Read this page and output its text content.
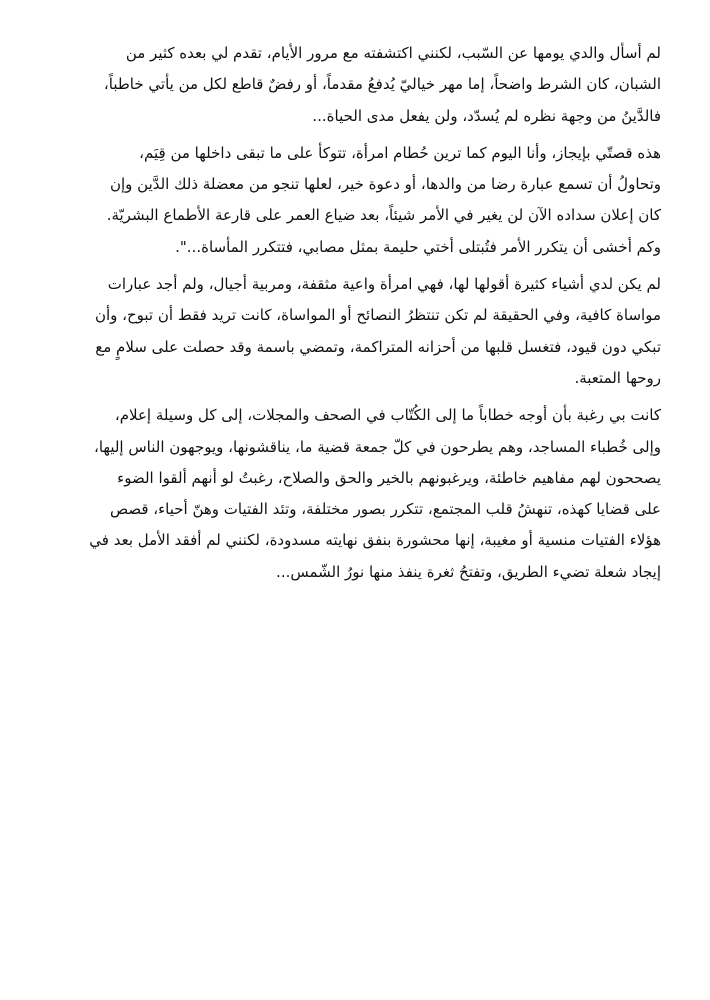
لم أسأل والدي يومها عن السّبب، لكنني اكتشفته مع مرور الأيام، تقدم لي بعده كثير من
الشبان، كان الشرط واضحاً، إما مهر خياليّ يُدفعُ مقدماً، أو رفضٌ قاطع لكل من يأتي خاطباً،
فالدَّينُ من وجهة نظره لم يُسدّد، ولن يفعل مدى الحياة...

هذه قصتّي بإيجاز، وأنا اليوم كما ترين حُطام امرأة، تتوكأ على ما تبقى داخلها من قِيَم،
وتحاولُ أن تسمع عبارة رضا من والدها، أو دعوة خير، لعلها تنجو من معضلة ذلك الدَّين وإن
كان إعلان سداده الآن لن يغير في الأمر شيئاً، بعد ضياع العمر على قارعة الأطماع البشريّة.
وكم أخشى أن يتكرر الأمر فتُبتلى أختي حليمة بمثل مصابي، فتتكرر المأساة...".

لم يكن لدي أشياء كثيرة أقولها لها، فهي امرأة واعية مثقفة، ومربية أجيال، ولم أجد عبارات
مواساة كافية، وفي الحقيقة لم تكن تنتظرُ النصائح أو المواساة، كانت تريد فقط أن تبوح، وأن
تبكي دون قيود، فتغسل قلبها من أحزانه المتراكمة، وتمضي باسمة وقد حصلت على سلامٍ مع
روحها المتعبة.

كانت بي رغبة بأن أوجه خطاباً ما إلى الكُتّاب في الصحف والمجلات، إلى كل وسيلة إعلام،
وإلى خُطباء المساجد، وهم يطرحون في كلّ جمعة قضية ما، يناقشونها، ويوجهون الناس إليها،
يصححون لهم مفاهيم خاطئة، ويرغبونهم بالخير والحق والصلاح، رغبتُ لو أنهم ألقوا الضوء
على قضايا كهذه، تنهشُ قلب المجتمع، تتكرر بصور مختلفة، وتئد الفتيات وهنّ أحياء، قصص
هؤلاء الفتيات منسية أو مغيبة، إنها محشورة بنفق نهايته مسدودة، لكنني لم أفقد الأمل بعد في
إيجاد شعلة تضيء الطريق، وتفتحُ ثغرة ينفذ منها نورُ الشّمس...
